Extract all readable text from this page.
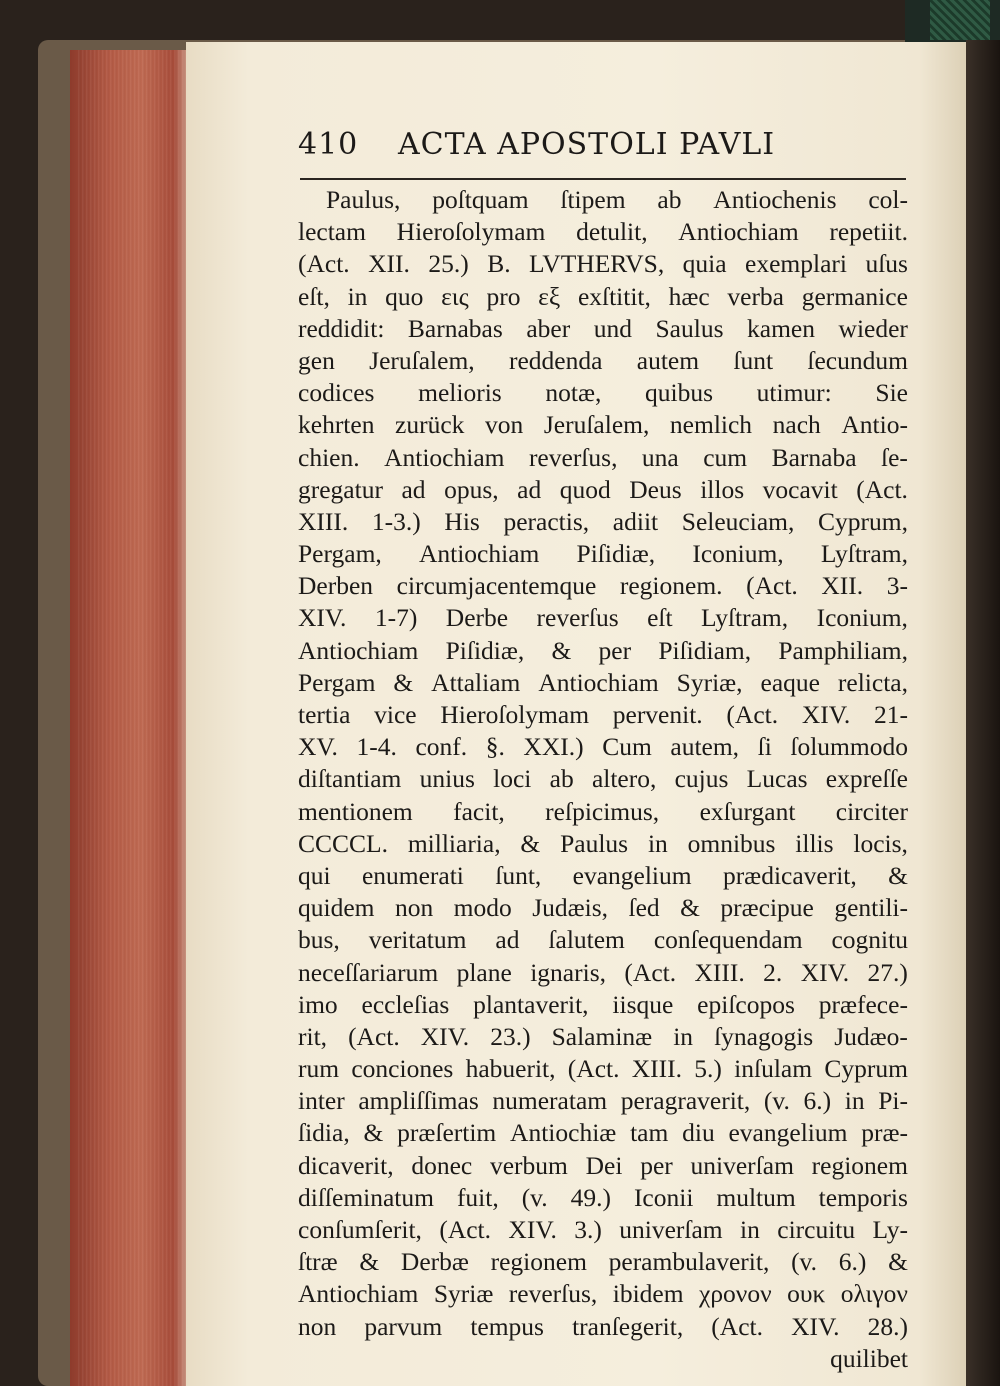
410 ACTA APOSTOLI PAVLI
Paulus, poſtquam ſtipem ab Antiochenis col-
lectam Hieroſolymam detulit, Antiochiam repetiit.
(Act. XII. 25.) B. LVTHERVS, quia exemplari uſus
eſt, in quo εις pro εξ exſtitit, hæc verba germanice
reddidit: Barnabas aber und Saulus kamen wieder
gen Jeruſalem, reddenda autem ſunt ſecundum
codices melioris notæ, quibus utimur: Sie
kehrten zurück von Jeruſalem, nemlich nach Antio-
chien. Antiochiam reverſus, una cum Barnaba ſe-
gregatur ad opus, ad quod Deus illos vocavit (Act.
XIII. 1-3.) His peractis, adiit Seleuciam, Cyprum,
Pergam, Antiochiam Piſidiæ, Iconium, Lyſtram,
Derben circumjacentemque regionem. (Act. XII. 3-
XIV. 1-7) Derbe reverſus eſt Lyſtram, Iconium,
Antiochiam Piſidiæ, & per Piſidiam, Pamphiliam,
Pergam & Attaliam Antiochiam Syriæ, eaque relicta,
tertia vice Hieroſolymam pervenit. (Act. XIV. 21-
XV. 1-4. conf. §. XXI.) Cum autem, ſi ſolummodo
diſtantiam unius loci ab altero, cujus Lucas expreſſe
mentionem facit, reſpicimus, exſurgant circiter
CCCCL. milliaria, & Paulus in omnibus illis locis,
qui enumerati ſunt, evangelium prædicaverit, &
quidem non modo Judæis, ſed & præcipue gentili-
bus, veritatum ad ſalutem conſequendam cognitu
neceſſariarum plane ignaris, (Act. XIII. 2. XIV. 27.)
imo eccleſias plantaverit, iisque epiſcopos præfece-
rit, (Act. XIV. 23.) Salaminæ in ſynagogis Judæo-
rum conciones habuerit, (Act. XIII. 5.) inſulam Cyprum
inter ampliſſimas numeratam peragraverit, (v. 6.) in Pi-
ſidia, & præſertim Antiochiæ tam diu evangelium præ-
dicaverit, donec verbum Dei per univerſam regionem
diſſeminatum fuit, (v. 49.) Iconii multum temporis
conſumſerit, (Act. XIV. 3.) univerſam in circuitu Ly-
ſtræ & Derbæ regionem perambulaverit, (v. 6.) &
Antiochiam Syriæ reverſus, ibidem χρονον ουκ ολιγον
non parvum tempus tranſegerit, (Act. XIV. 28.)
quilibet
